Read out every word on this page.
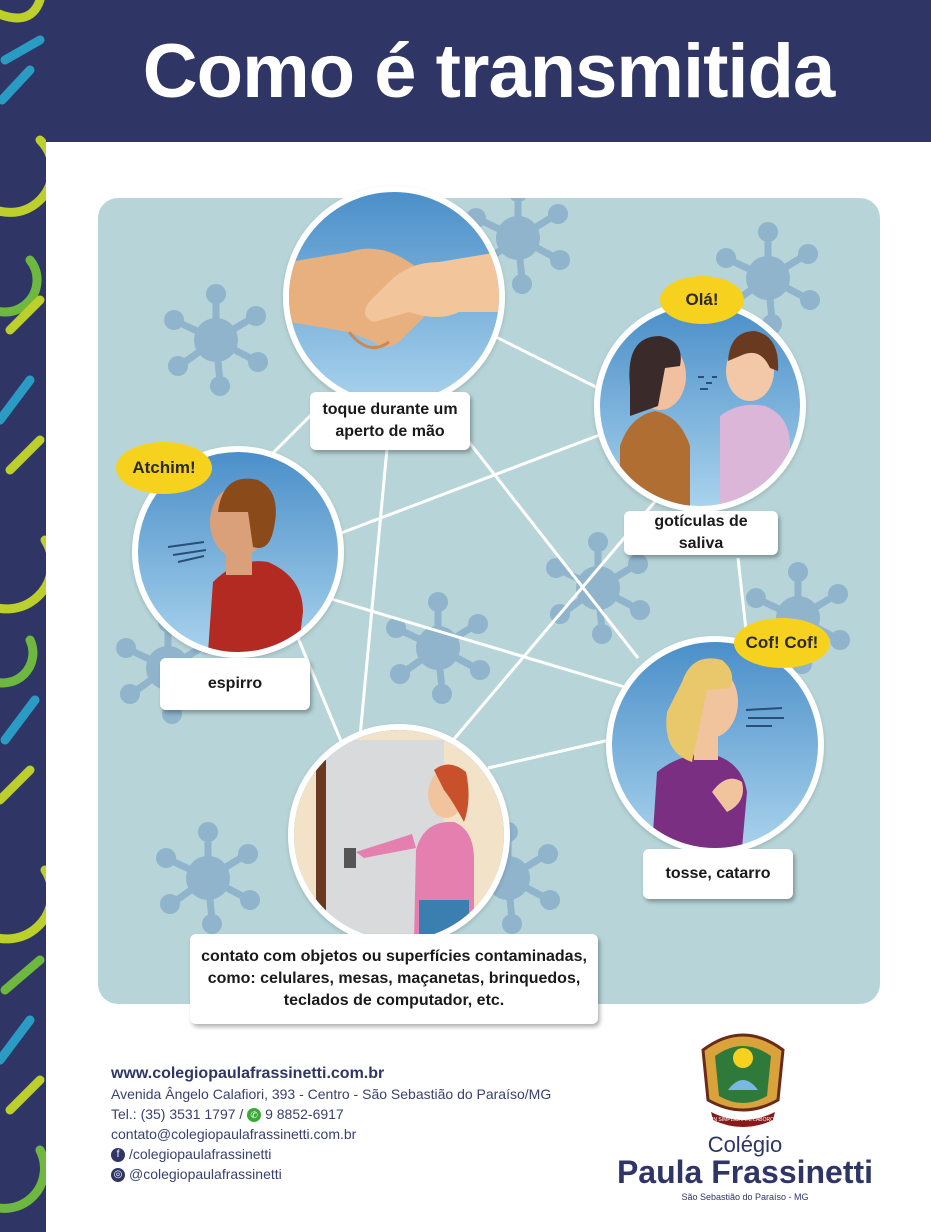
Como é transmitida
toque durante um
aperto de mão
Olá!
gotículas de saliva
Atchim!
espirro
Cof! Cof!
tosse, catarro
contato com objetos ou superfícies contaminadas,
como: celulares, mesas, maçanetas, brinquedos,
teclados de computador, etc.
www.colegiopaulafrassinetti.com.br
Avenida Ângelo Calafiori, 393 - Centro - São Sebastião do Paraíso/MG
Tel.: (35) 3531 1797 / ✆ 9 8852-6917
contato@colegiopaulafrassinetti.com.br
f /colegiopaulafrassinetti
◎ @colegiopaulafrassinetti
IN SIMPLICITATE LABORO
Colégio
Paula Frassinetti
São Sebastião do Paraíso - MG
